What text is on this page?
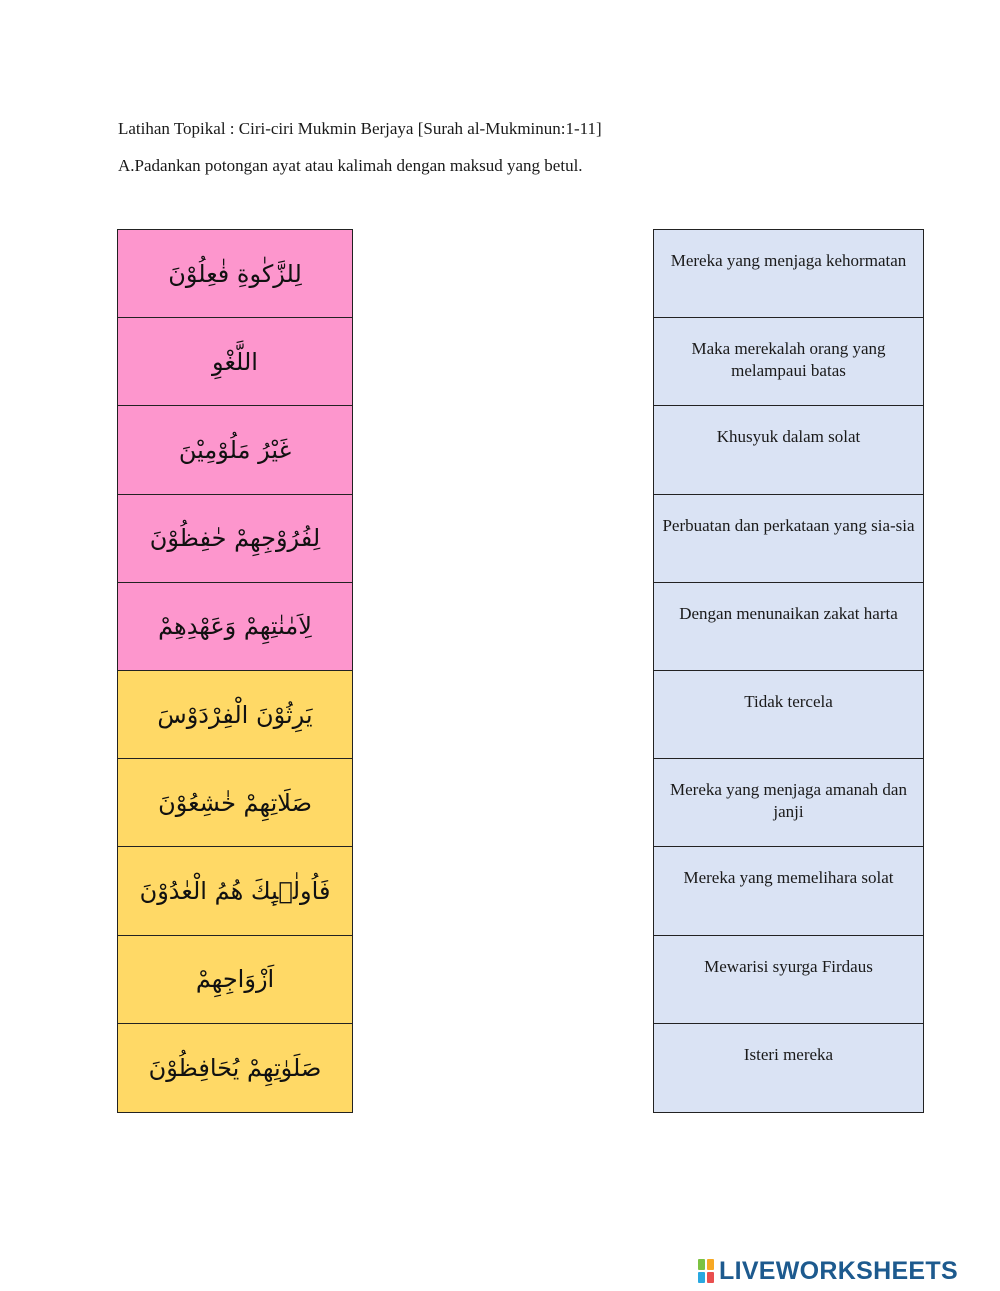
Latihan Topikal : Ciri-ciri Mukmin Berjaya [Surah al-Mukminun:1-11]
A.Padankan potongan ayat atau kalimah dengan maksud yang betul.
لِلزَّكٰوةِ فٰعِلُوْنَ
اللَّغْوِ
غَيْرُ مَلُوْمِيْنَ
لِفُرُوْجِهِمْ حٰفِظُوْنَ
لِاَمٰنٰتِهِمْ وَعَهْدِهِمْ
يَرِثُوْنَ الْفِرْدَوْسَ
صَلَاتِهِمْ خٰشِعُوْنَ
فَاُولٰۤىِٕكَ هُمُ الْعٰدُوْنَ
اَزْوَاجِهِمْ
صَلَوٰتِهِمْ يُحَافِظُوْنَ
Mereka yang menjaga kehormatan
Maka merekalah orang yang melampaui batas
Khusyuk dalam solat
Perbuatan dan perkataan yang sia-sia
Dengan menunaikan zakat harta
Tidak tercela
Mereka yang menjaga amanah dan janji
Mereka yang memelihara solat
Mewarisi syurga Firdaus
Isteri mereka
LIVEWORKSHEETS
